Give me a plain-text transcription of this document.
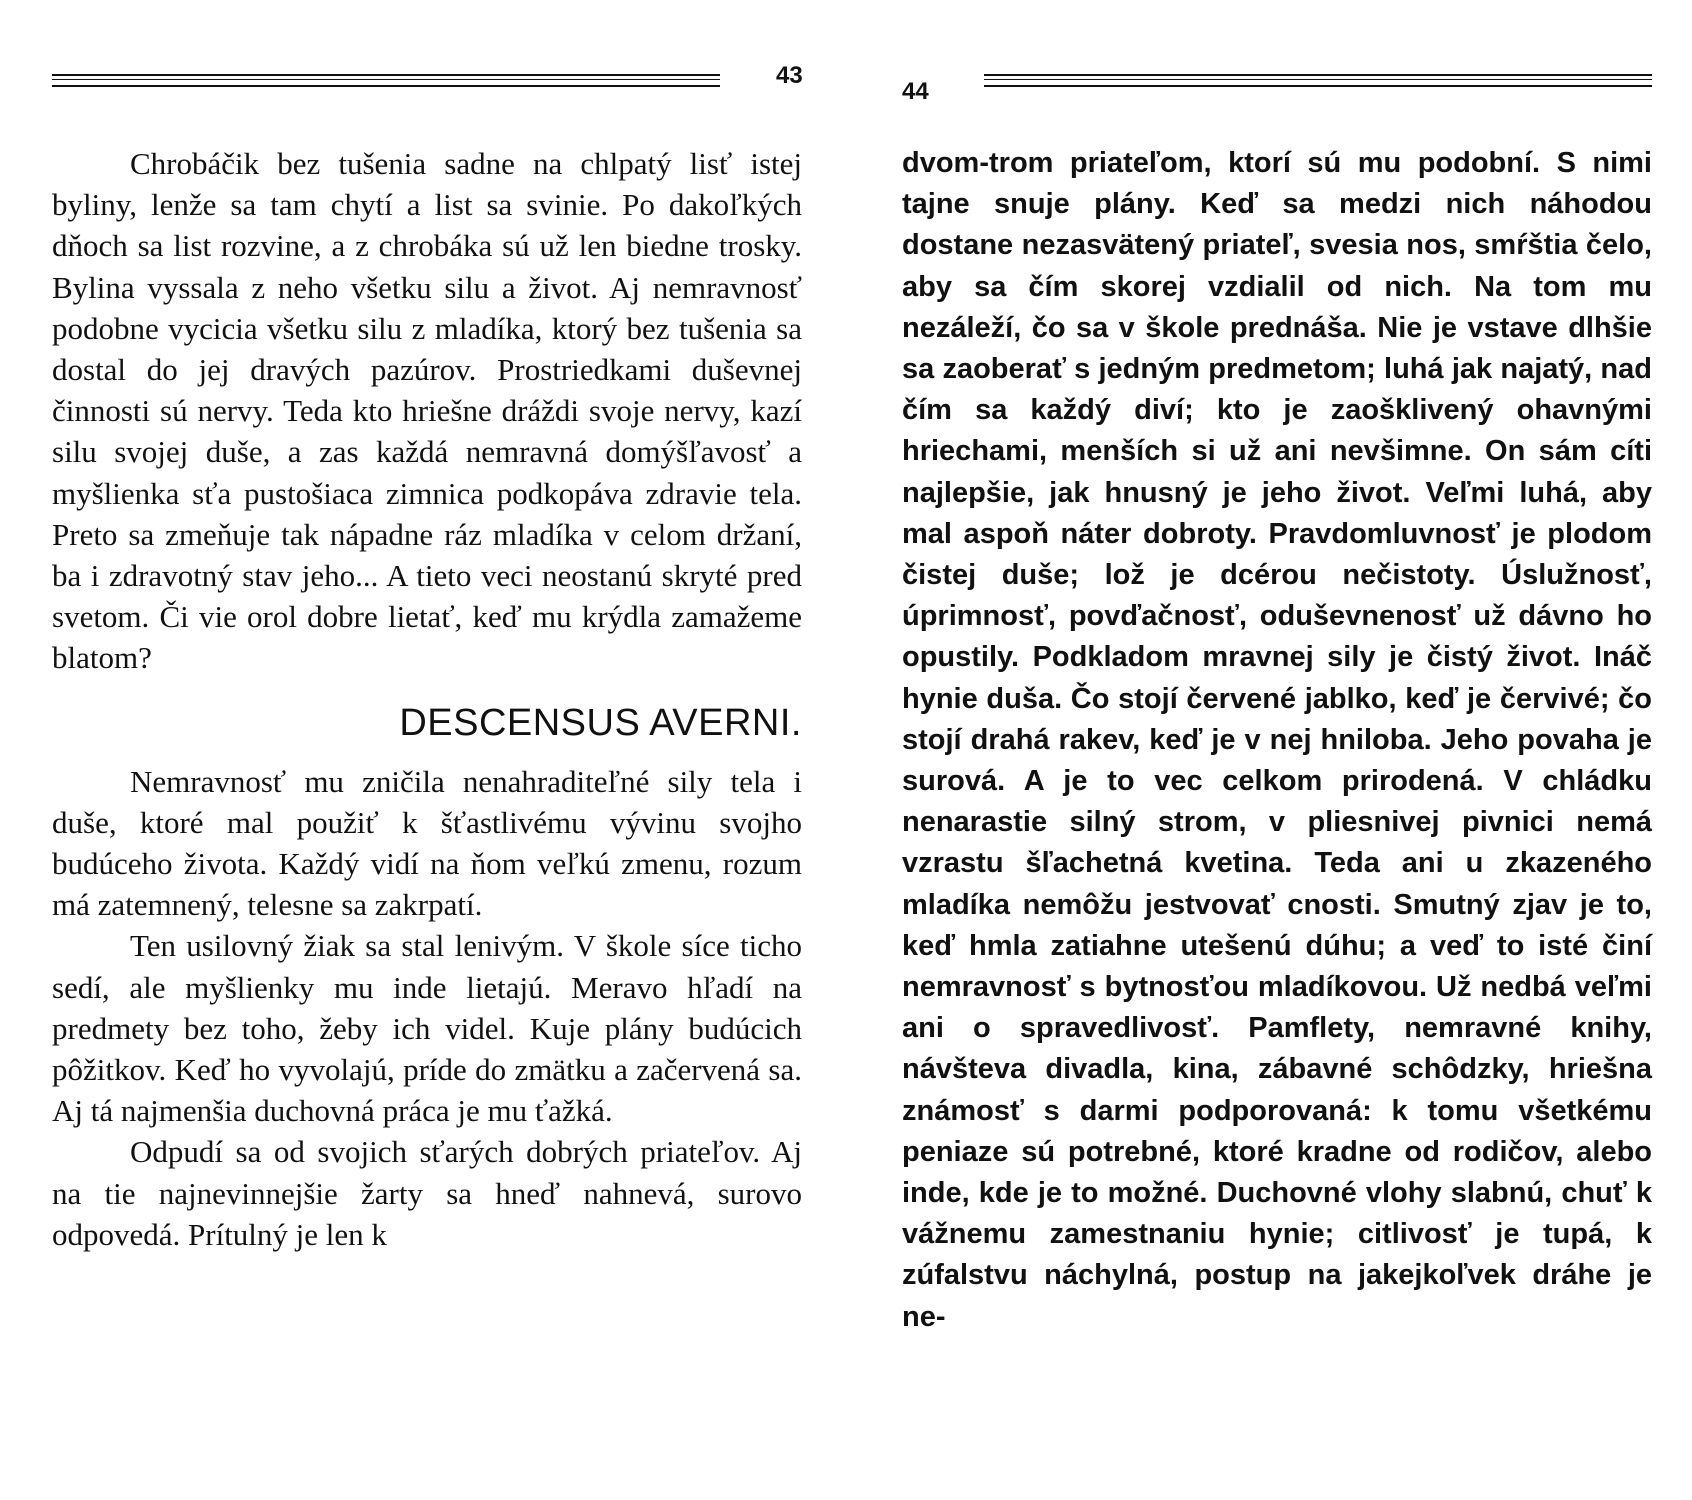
43

Chrobáčik bez tušenia sadne na chlpatý lisť istej byliny, lenže sa tam chytí a list sa svinie. Po dakoľkých dňoch sa list rozvine, a z chrobáka sú už len biedne trosky. Bylina vyssala z neho všetku silu a život. Aj nemravnosť podobne vycicia všetku silu z mladíka, ktorý bez tušenia sa dostal do jej dravých pazúrov. Prostriedkami duševnej činnosti sú nervy. Teda kto hriešne dráždi svoje nervy, kazí silu svojej duše, a zas každá nemravná domýšľavosť a myšlienka sťa pustošiaca zimnica podkopáva zdravie tela. Preto sa zmeňuje tak nápadne ráz mladíka v celom držaní, ba i zdravotný stav jeho... A tieto veci neostanú skryté pred svetom. Či vie orol dobre lietať, keď mu krýdla zamažeme blatom?

DESCENSUS AVERNI.

Nemravnosť mu zničila nenahraditeľné sily tela i duše, ktoré mal použiť k šťastlivému vývinu svojho budúceho života. Každý vidí na ňom veľkú zmenu, rozum má zatemnený, telesne sa zakrpatí.

Ten usilovný žiak sa stal lenivým. V škole síce ticho sedí, ale myšlienky mu inde lietajú. Meravo hľadí na predmety bez toho, žeby ich videl. Kuje plány budúcich pôžitkov. Keď ho vyvolajú, príde do zmätku a začervená sa. Aj tá najmenšia duchovná práca je mu ťažká.

Odpudí sa od svojich sťarých dobrých priateľov. Aj na tie najnevinnejšie žarty sa hneď nahnevá, surovo odpovedá. Prítulný je len k

44

dvom-trom priateľom, ktorí sú mu podobní. S nimi tajne snuje plány. Keď sa medzi nich náhodou dostane nezasvätený priateľ, svesia nos, smŕštia čelo, aby sa čím skorej vzdialil od nich. Na tom mu nezáleží, čo sa v škole prednáša. Nie je vstave dlhšie sa zaoberať s jedným predmetom; luhá jak najatý, nad čím sa každý diví; kto je zaošklivený ohavnými hriechami, menších si už ani nevšimne. On sám cíti najlepšie, jak hnusný je jeho život. Veľmi luhá, aby mal aspoň náter dobroty. Pravdomluvnosť je plodom čistej duše; lož je dcérou nečistoty. Úslužnosť, úprimnosť, povďačnosť, oduševnenosť už dávno ho opustily. Podkladom mravnej sily je čistý život. Ináč hynie duša. Čo stojí červené jablko, keď je červivé; čo stojí drahá rakev, keď je v nej hniloba. Jeho povaha je surová. A je to vec celkom prirodená. V chládku nenarastie silný strom, v pliesnivej pivnici nemá vzrastu šľachetná kvetina. Teda ani u zkazeného mladíka nemôžu jestvovať cnosti. Smutný zjav je to, keď hmla zatiahne utešenú dúhu; a veď to isté činí nemravnosť s bytnosťou mladíkovou. Už nedbá veľmi ani o spravedlivosť. Pamflety, nemravné knihy, návšteva divadla, kina, zábavné schôdzky, hriešna známosť s darmi podporovaná: k tomu všetkému peniaze sú potrebné, ktoré kradne od rodičov, alebo inde, kde je to možné. Duchovné vlohy slabnú, chuť k vážnemu zamestnaniu hynie; citlivosť je tupá, k zúfalstvu náchylná, postup na jakejkoľvek dráhe je ne-
